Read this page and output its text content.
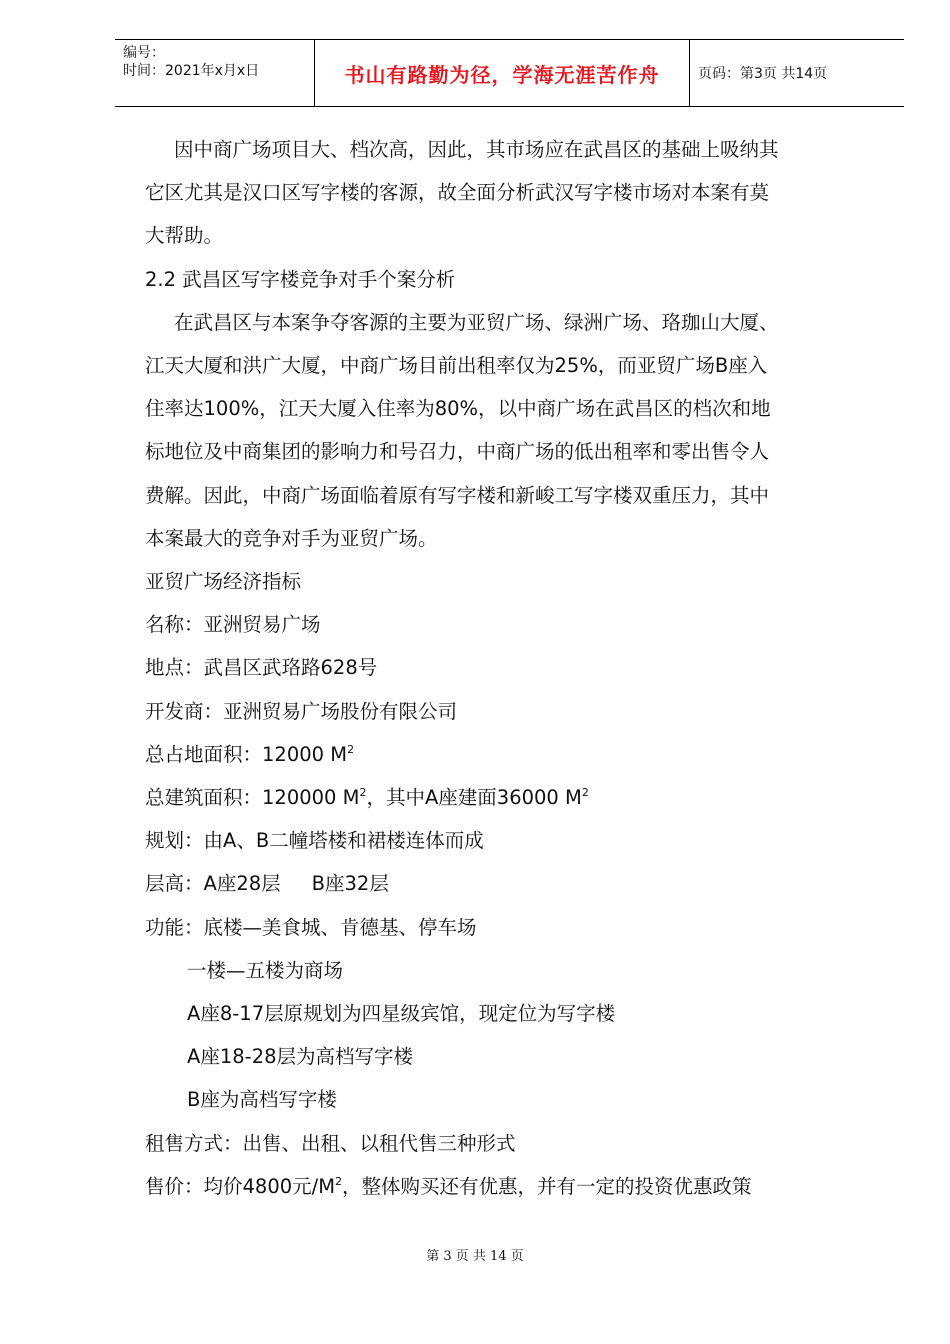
编号：
时间：2021年x月x日	书山有路勤为径，学海无涯苦作舟	页码：第3页 共14页

因中商广场项目大、档次高，因此，其市场应在武昌区的基础上吸纳其

它区尤其是汉口区写字楼的客源，故全面分析武汉写字楼市场对本案有莫

大帮助。

2.2 武昌区写字楼竞争对手个案分析

在武昌区与本案争夺客源的主要为亚贸广场、绿洲广场、珞珈山大厦、

江天大厦和洪广大厦，中商广场目前出租率仅为25%，而亚贸广场B座入

住率达100%，江天大厦入住率为80%，以中商广场在武昌区的档次和地

标地位及中商集团的影响力和号召力，中商广场的低出租率和零出售令人

费解。因此，中商广场面临着原有写字楼和新峻工写字楼双重压力，其中

本案最大的竞争对手为亚贸广场。

亚贸广场经济指标

名称：亚洲贸易广场

地点：武昌区武珞路628号

开发商：亚洲贸易广场股份有限公司

总占地面积：12000 $M^2$

总建筑面积：120000 $M^2$，其中A座建面36000 $M^2$

规划：由A、B二幢塔楼和裙楼连体而成

层高：A座28层     B座32层

功能：底楼—美食城、肯德基、停车场

一楼—五楼为商场

A座8-17层原规划为四星级宾馆，现定位为写字楼

A座18-28层为高档写字楼

B座为高档写字楼

租售方式：出售、出租、以租代售三种形式

售价：均价4800元$/M^2$，整体购买还有优惠，并有一定的投资优惠政策

第 3 页 共 14 页
